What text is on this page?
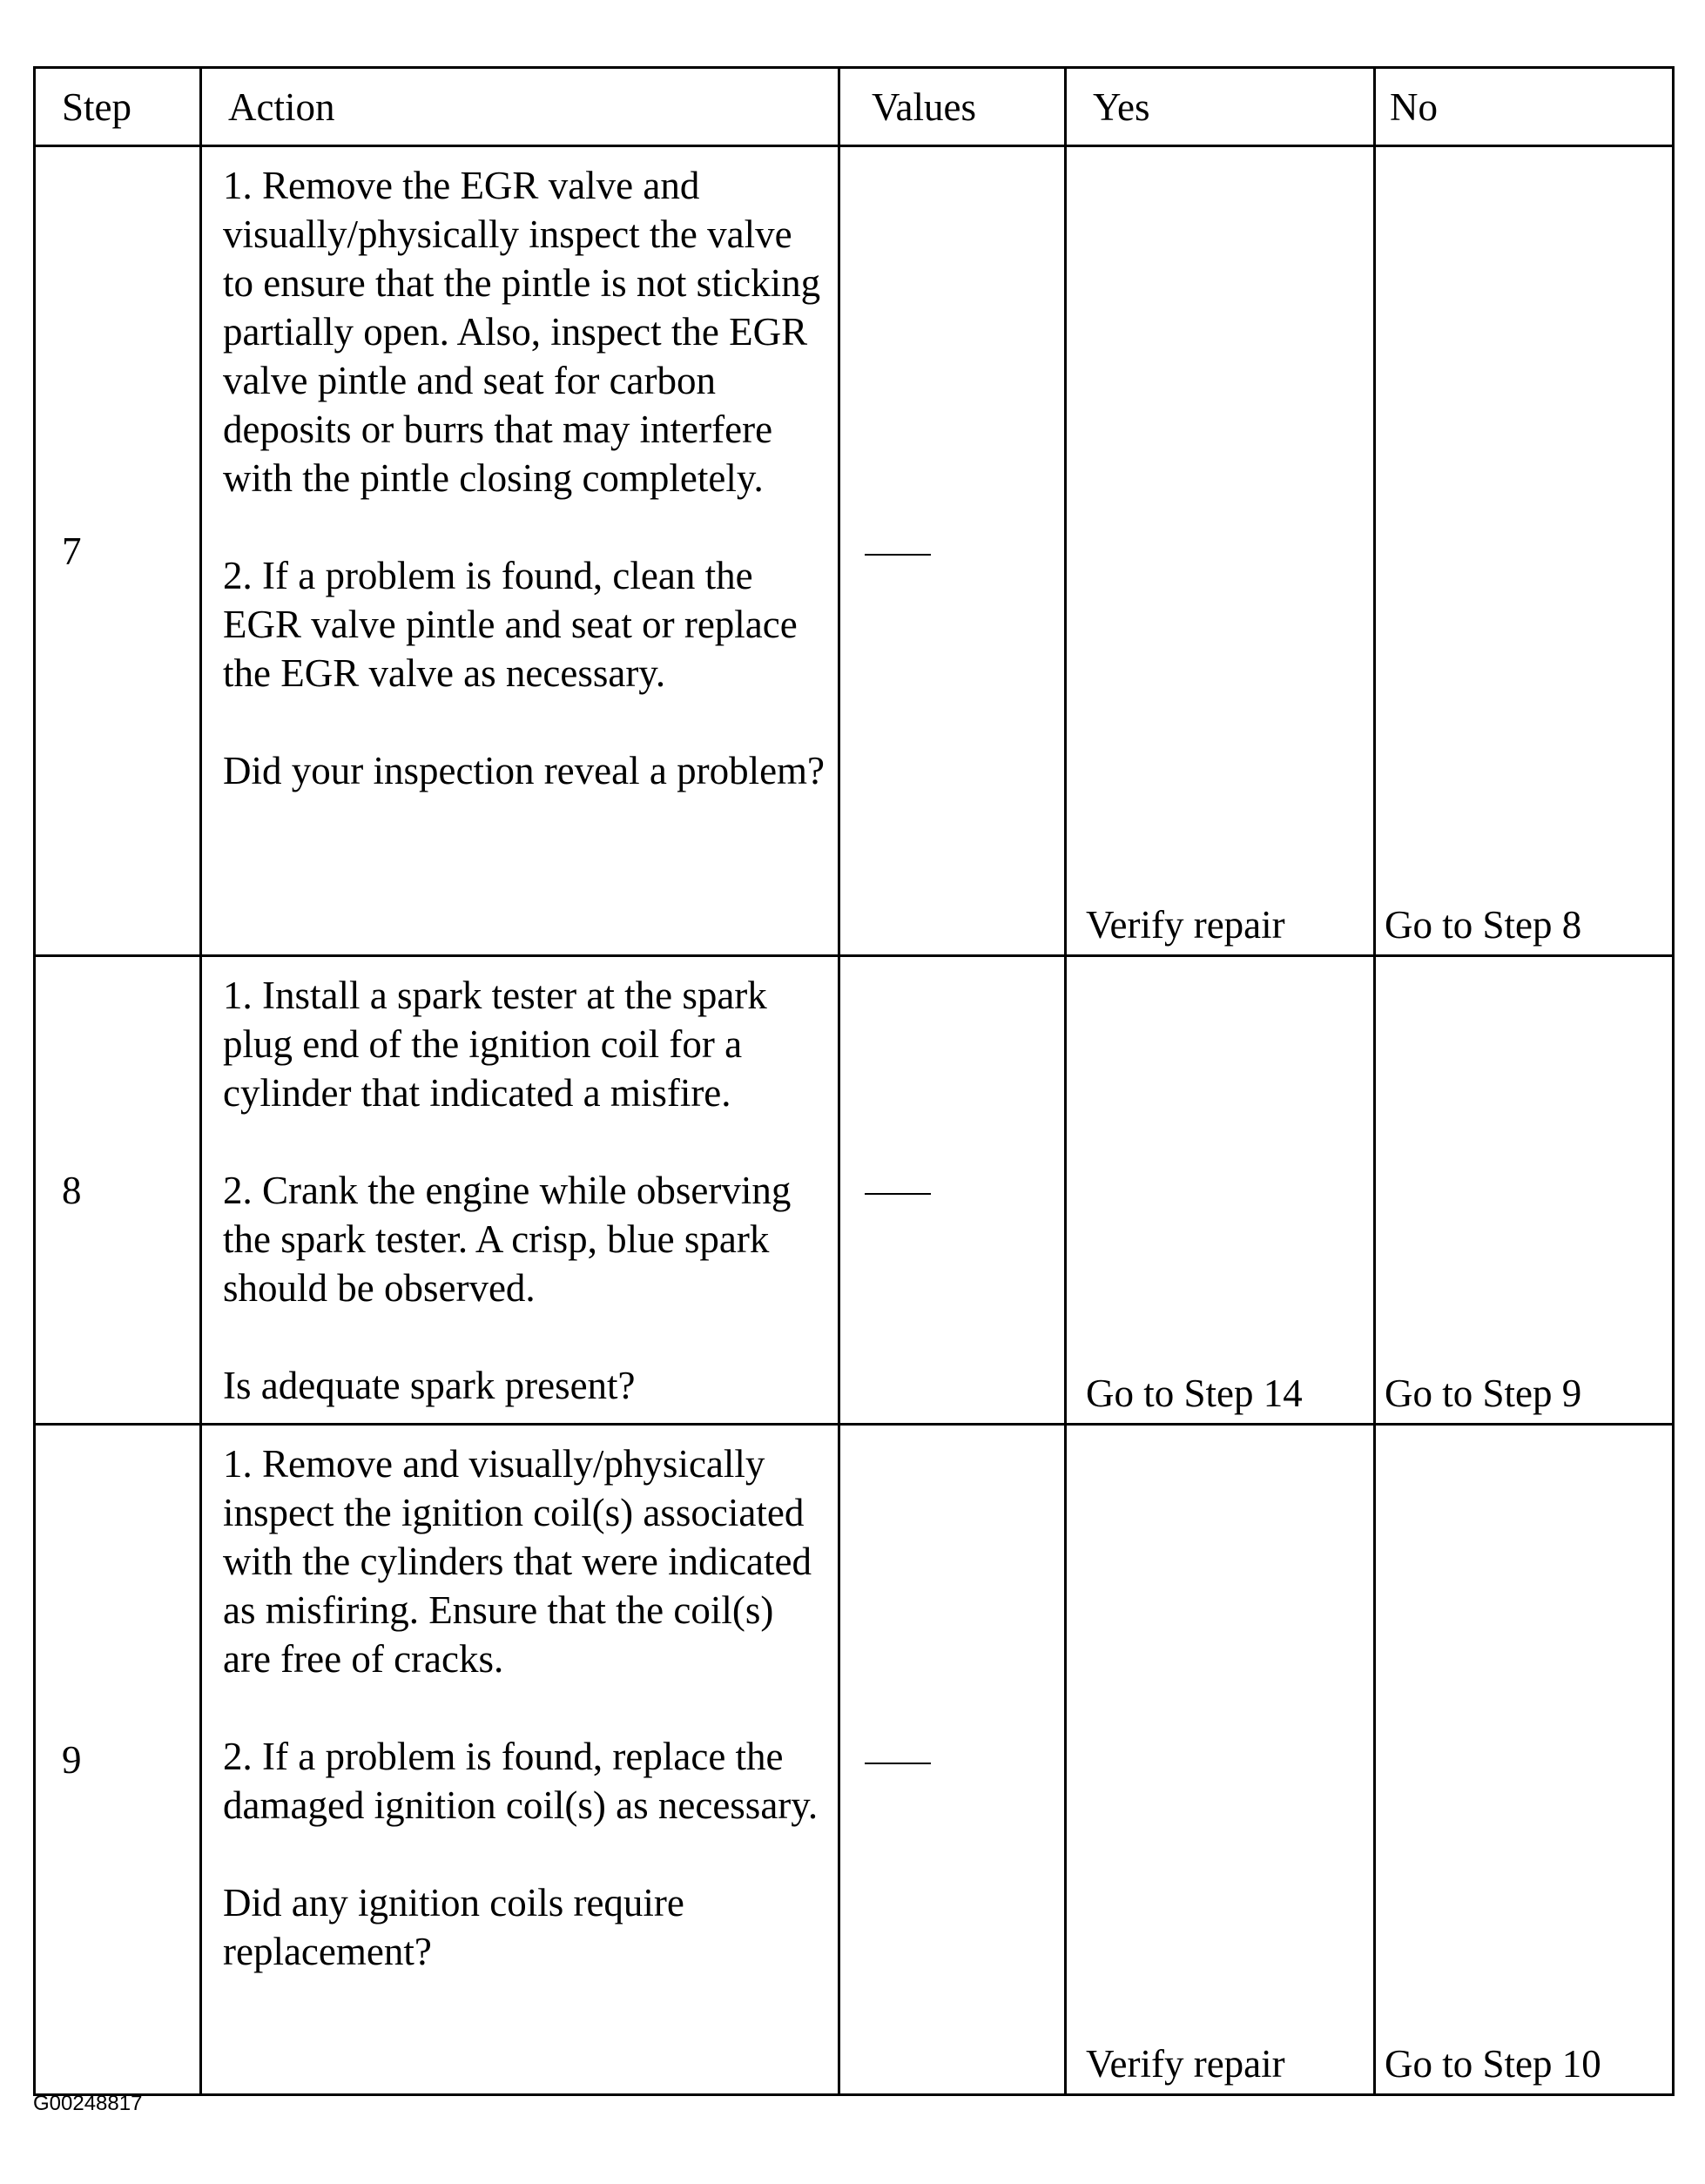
Step	Action	Values	Yes	No
7	1. Remove the EGR valve and visually/physically inspect the valve to ensure that the pintle is not sticking partially open. Also, inspect the EGR valve pintle and seat for carbon deposits or burrs that may interfere with the pintle closing completely.

2. If a problem is found, clean the EGR valve pintle and seat or replace the EGR valve as necessary.

Did your inspection reveal a problem?		Verify repair	Go to Step 8
8	1. Install a spark tester at the spark plug end of the ignition coil for a cylinder that indicated a misfire.

2. Crank the engine while observing the spark tester. A crisp, blue spark should be observed.

Is adequate spark present?		Go to Step 14	Go to Step 9
9	1. Remove and visually/physically inspect the ignition coil(s) associated with the cylinders that were indicated as misfiring. Ensure that the coil(s) are free of cracks.

2. If a problem is found, replace the damaged ignition coil(s) as necessary.

Did any ignition coils require replacement?		Verify repair	Go to Step 10
G00248817
